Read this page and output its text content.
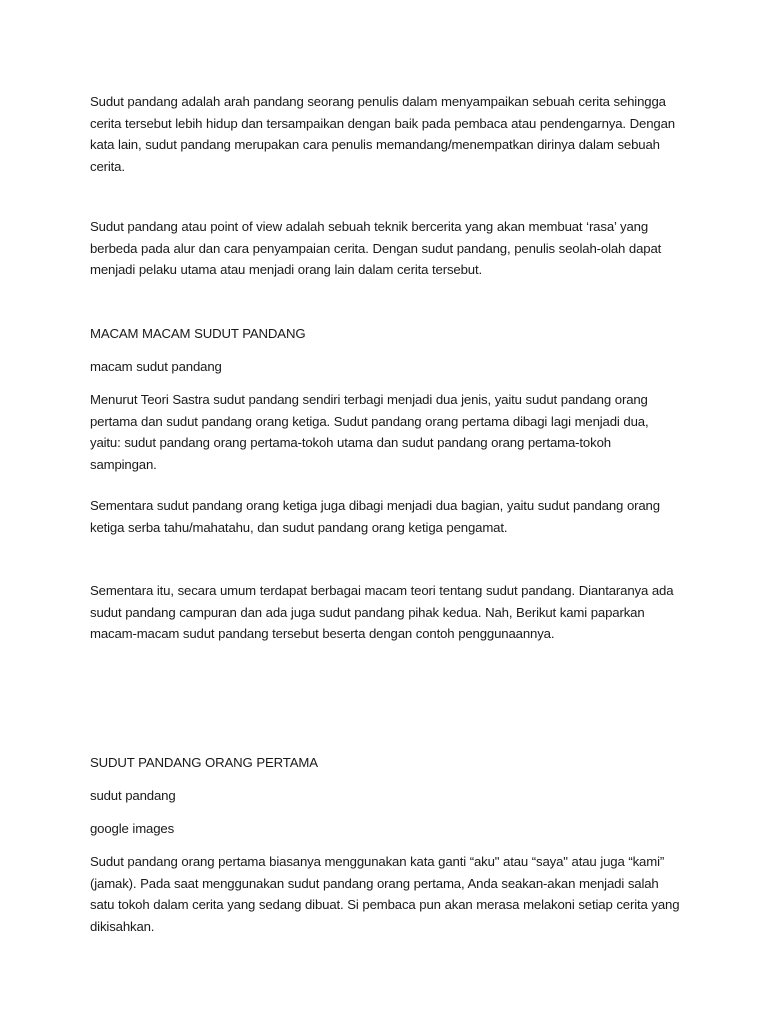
Sudut pandang adalah arah pandang seorang penulis dalam menyampaikan sebuah cerita sehingga cerita tersebut lebih hidup dan tersampaikan dengan baik pada pembaca atau pendengarnya. Dengan kata lain, sudut pandang merupakan cara penulis memandang/menempatkan dirinya dalam sebuah cerita.

Sudut pandang atau point of view adalah sebuah teknik bercerita yang akan membuat ‘rasa’ yang berbeda pada alur dan cara penyampaian cerita. Dengan sudut pandang, penulis seolah-olah dapat menjadi pelaku utama atau menjadi orang lain dalam cerita tersebut.

MACAM MACAM SUDUT PANDANG

macam sudut pandang

Menurut Teori Sastra sudut pandang sendiri terbagi menjadi dua jenis, yaitu sudut pandang orang pertama dan sudut pandang orang ketiga. Sudut pandang orang pertama dibagi lagi menjadi dua, yaitu: sudut pandang orang pertama-tokoh utama dan sudut pandang orang pertama-tokoh sampingan.

Sementara sudut pandang orang ketiga juga dibagi menjadi dua bagian, yaitu sudut pandang orang ketiga serba tahu/mahatahu, dan sudut pandang orang ketiga pengamat.

Sementara itu, secara umum terdapat berbagai macam teori tentang sudut pandang. Diantaranya ada sudut pandang campuran dan ada juga sudut pandang pihak kedua. Nah, Berikut kami paparkan macam-macam sudut pandang tersebut beserta dengan contoh penggunaannya.

SUDUT PANDANG ORANG PERTAMA

sudut pandang

google images

Sudut pandang orang pertama biasanya menggunakan kata ganti “aku" atau “saya" atau juga “kami” (jamak). Pada saat menggunakan sudut pandang orang pertama, Anda seakan-akan menjadi salah satu tokoh dalam cerita yang sedang dibuat. Si pembaca pun akan merasa melakoni setiap cerita yang dikisahkan.
